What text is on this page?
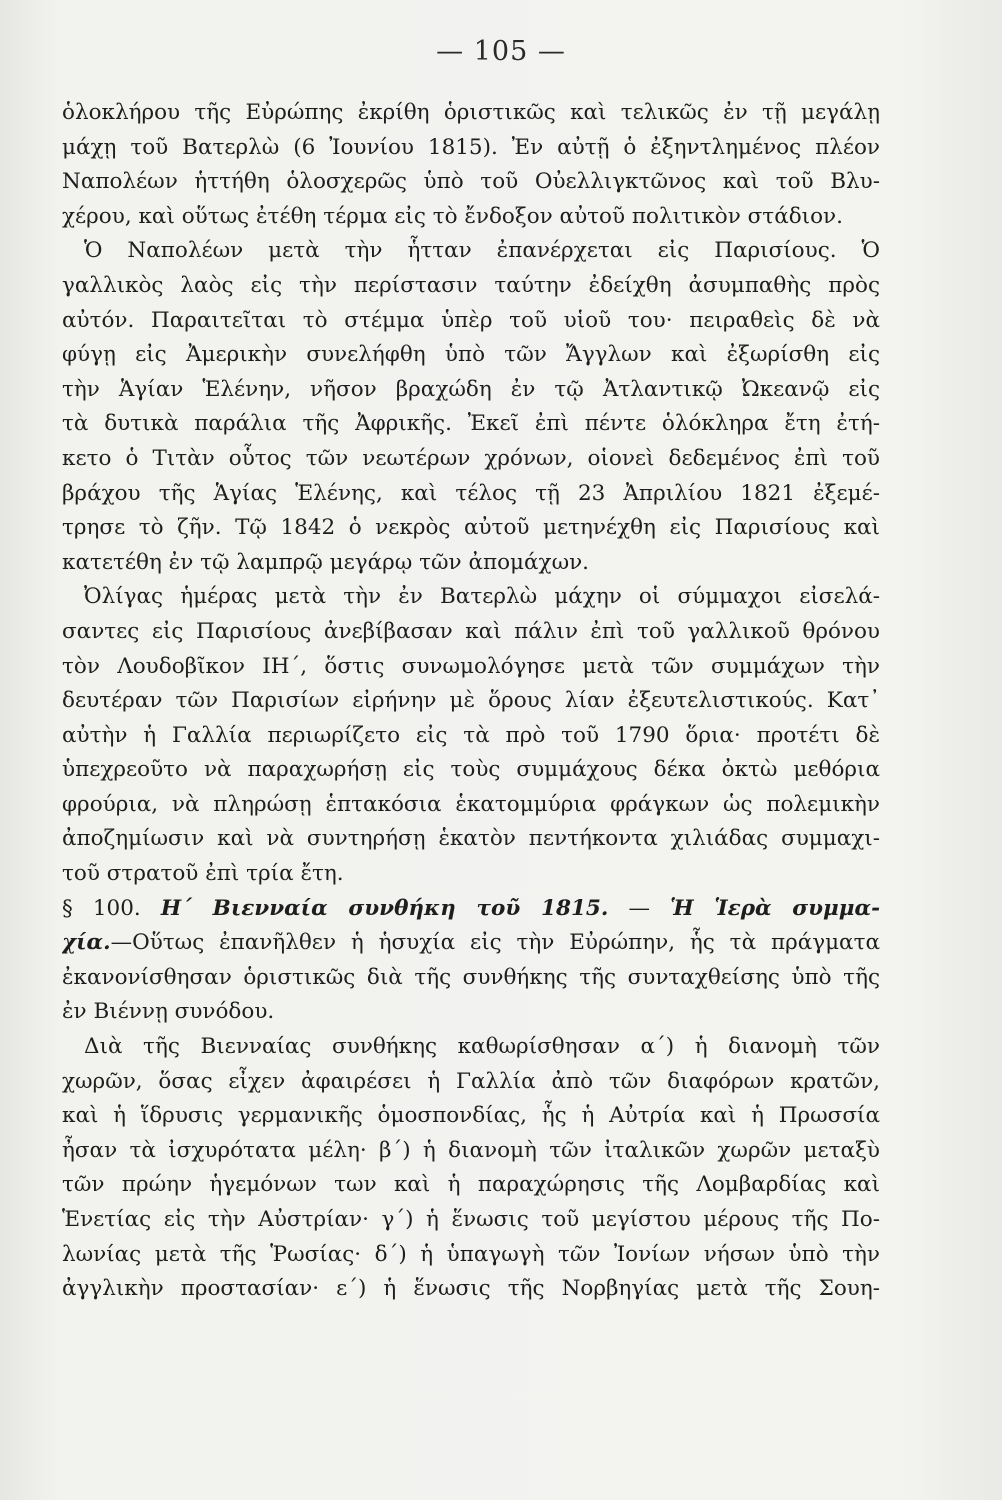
— 105 —
ὁλοκλήρου τῆς Εὐρώπης ἐκρίθη ὁριστικῶς καὶ τελικῶς ἐν τῇ μεγάλῃ
μάχῃ τοῦ Βατερλὼ (6 Ἰουνίου 1815). Ἐν αὐτῇ ὁ ἐξηντλημένος πλέον
Ναπολέων ἡττήθη ὁλοσχερῶς ὑπὸ τοῦ Οὐελλιγκτῶνος καὶ τοῦ Βλυ-
χέρου, καὶ οὕτως ἐτέθη τέρμα εἰς τὸ ἔνδοξον αὐτοῦ πολιτικὸν στάδιον.
Ὁ Ναπολέων μετὰ τὴν ἧτταν ἐπανέρχεται εἰς Παρισίους. Ὁ
γαλλικὸς λαὸς εἰς τὴν περίστασιν ταύτην ἐδείχθη ἀσυμπαθὴς πρὸς
αὐτόν. Παραιτεῖται τὸ στέμμα ὑπὲρ τοῦ υἱοῦ του· πειραθεὶς δὲ νὰ
φύγῃ εἰς Ἀμερικὴν συνελήφθη ὑπὸ τῶν Ἄγγλων καὶ ἐξωρίσθη εἰς
τὴν Ἁγίαν Ἑλένην, νῆσον βραχώδη ἐν τῷ Ἀτλαντικῷ Ὠκεανῷ εἰς
τὰ δυτικὰ παράλια τῆς Ἀφρικῆς. Ἐκεῖ ἐπὶ πέντε ὁλόκληρα ἔτη ἐτή-
κετο ὁ Τιτὰν οὗτος τῶν νεωτέρων χρόνων, οἱονεὶ δεδεμένος ἐπὶ τοῦ
βράχου τῆς Ἁγίας Ἑλένης, καὶ τέλος τῇ 23 Ἀπριλίου 1821 ἐξεμέ-
τρησε τὸ ζῆν. Τῷ 1842 ὁ νεκρὸς αὐτοῦ μετηνέχθη εἰς Παρισίους καὶ
κατετέθη ἐν τῷ λαμπρῷ μεγάρῳ τῶν ἀπομάχων.
Ὀλίγας ἡμέρας μετὰ τὴν ἐν Βατερλὼ μάχην οἱ σύμμαχοι εἰσελά-
σαντες εἰς Παρισίους ἀνεβίβασαν καὶ πάλιν ἐπὶ τοῦ γαλλικοῦ θρόνου
τὸν Λουδοβῖκον ΙΗ´, ὅστις συνωμολόγησε μετὰ τῶν συμμάχων τὴν
δευτέραν τῶν Παρισίων εἰρήνην μὲ ὅρους λίαν ἐξευτελιστικούς. Κατ᾽
αὐτὴν ἡ Γαλλία περιωρίζετο εἰς τὰ πρὸ τοῦ 1790 ὅρια· προτέτι δὲ
ὑπεχρεοῦτο νὰ παραχωρήσῃ εἰς τοὺς συμμάχους δέκα ὀκτὼ μεθόρια
φρούρια, νὰ πληρώσῃ ἑπτακόσια ἑκατομμύρια φράγκων ὡς πολεμικὴν
ἀποζημίωσιν καὶ νὰ συντηρήσῃ ἑκατὸν πεντήκοντα χιλιάδας συμμαχι-
τοῦ στρατοῦ ἐπὶ τρία ἔτη.
§ 100. Η´ Βιενναία συνθήκη τοῦ 1815. — Ἡ Ἱερὰ συμμα-
χία.—Οὕτως ἐπανῆλθεν ἡ ἡσυχία εἰς τὴν Εὐρώπην, ἧς τὰ πράγματα
ἐκανονίσθησαν ὁριστικῶς διὰ τῆς συνθήκης τῆς συνταχθείσης ὑπὸ τῆς
ἐν Βιέννῃ συνόδου.
Διὰ τῆς Βιενναίας συνθήκης καθωρίσθησαν α´) ἡ διανομὴ τῶν
χωρῶν, ὅσας εἶχεν ἀφαιρέσει ἡ Γαλλία ἀπὸ τῶν διαφόρων κρατῶν,
καὶ ἡ ἵδρυσις γερμανικῆς ὁμοσπονδίας, ἧς ἡ Αὐτρία καὶ ἡ Πρωσσία
ἦσαν τὰ ἰσχυρότατα μέλη· β´) ἡ διανομὴ τῶν ἰταλικῶν χωρῶν μεταξὺ
τῶν πρώην ἡγεμόνων των καὶ ἡ παραχώρησις τῆς Λομβαρδίας καὶ
Ἑνετίας εἰς τὴν Αὐστρίαν· γ´) ἡ ἕνωσις τοῦ μεγίστου μέρους τῆς Πο-
λωνίας μετὰ τῆς Ῥωσίας· δ´) ἡ ὑπαγωγὴ τῶν Ἰονίων νήσων ὑπὸ τὴν
ἀγγλικὴν προστασίαν· ε´) ἡ ἕνωσις τῆς Νορβηγίας μετὰ τῆς Σουη-
